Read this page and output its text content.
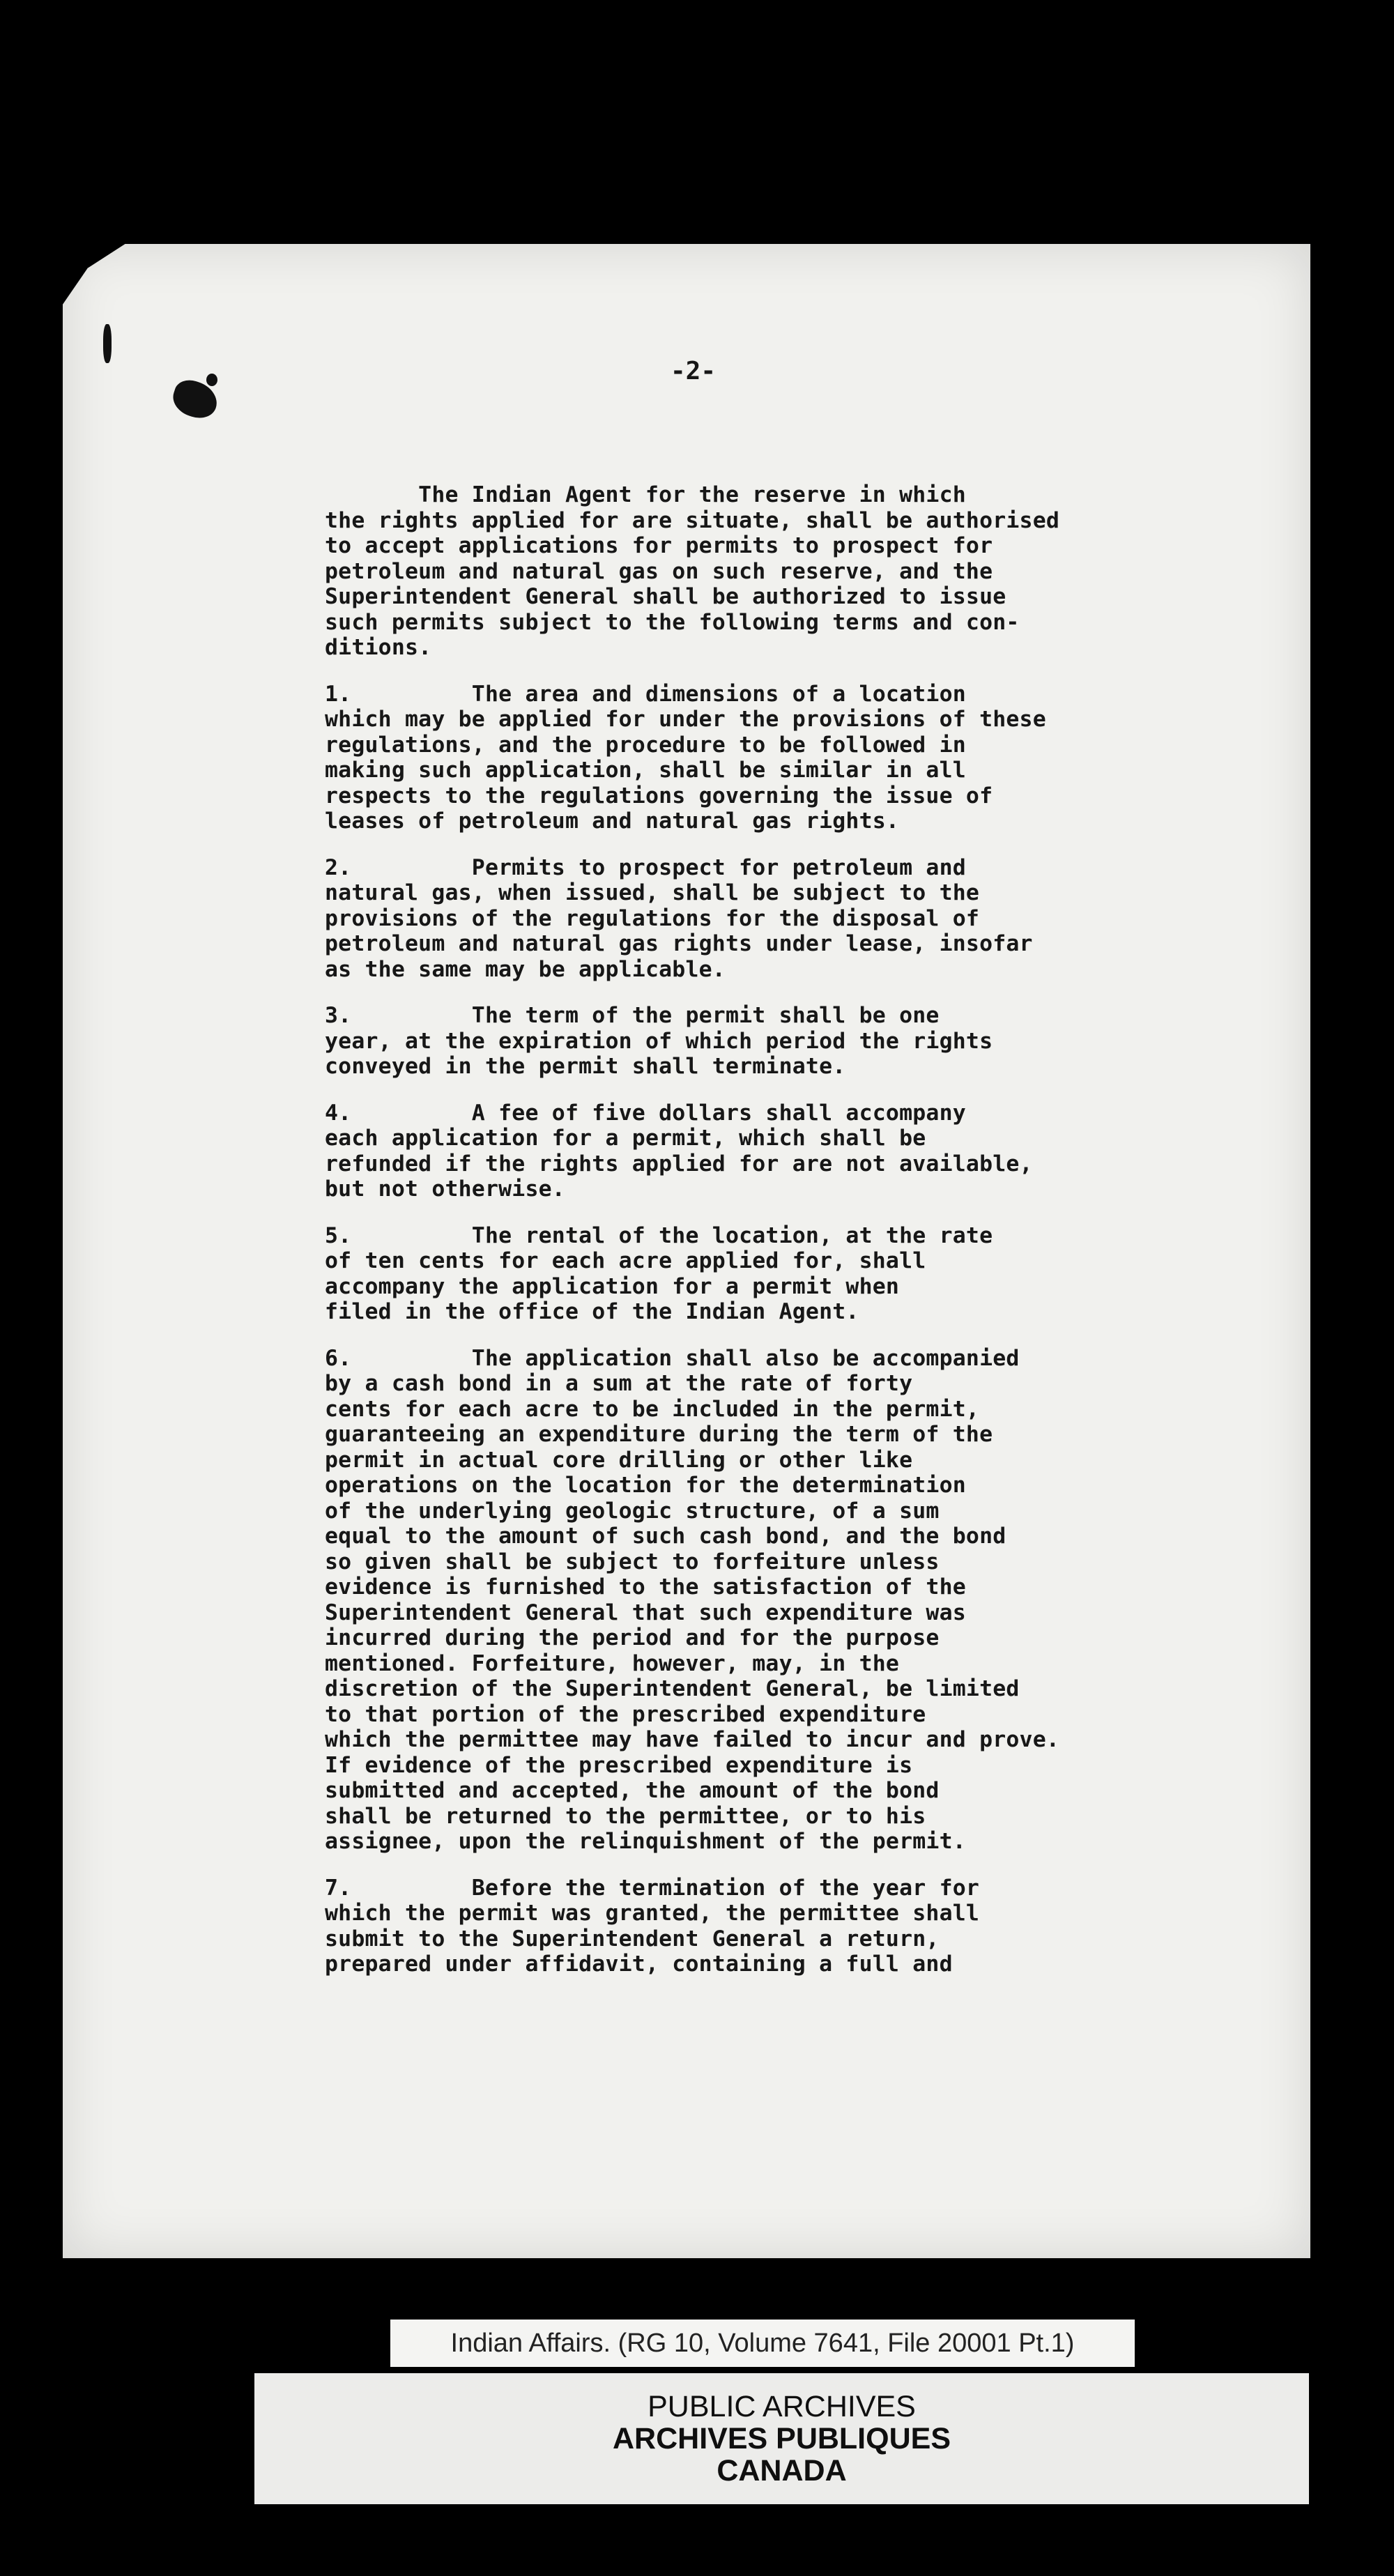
-2-
The Indian Agent for the reserve in which
the rights applied for are situate, shall be authorised
to accept applications for permits to prospect for
petroleum and natural gas on such reserve, and the
Superintendent General shall be authorized to issue
such permits subject to the following terms and con-
ditions.
1.         The area and dimensions of a location
which may be applied for under the provisions of these
regulations, and the procedure to be followed in
making such application, shall be similar in all
respects to the regulations governing the issue of
leases of petroleum and natural gas rights.
2.         Permits to prospect for petroleum and
natural gas, when issued, shall be subject to the
provisions of the regulations for the disposal of
petroleum and natural gas rights under lease, insofar
as the same may be applicable.
3.         The term of the permit shall be one
year, at the expiration of which period the rights
conveyed in the permit shall terminate.
4.         A fee of five dollars shall accompany
each application for a permit, which shall be
refunded if the rights applied for are not available,
but not otherwise.
5.         The rental of the location, at the rate
of ten cents for each acre applied for, shall
accompany the application for a permit when
filed in the office of the Indian Agent.
6.         The application shall also be accompanied
by a cash bond in a sum at the rate of forty
cents for each acre to be included in the permit,
guaranteeing an expenditure during the term of the
permit in actual core drilling or other like
operations on the location for the determination
of the underlying geologic structure, of a sum
equal to the amount of such cash bond, and the bond
so given shall be subject to forfeiture unless
evidence is furnished to the satisfaction of the
Superintendent General that such expenditure was
incurred during the period and for the purpose
mentioned. Forfeiture, however, may, in the
discretion of the Superintendent General, be limited
to that portion of the prescribed expenditure
which the permittee may have failed to incur and prove.
If evidence of the prescribed expenditure is
submitted and accepted, the amount of the bond
shall be returned to the permittee, or to his
assignee, upon the relinquishment of the permit.
7.         Before the termination of the year for
which the permit was granted, the permittee shall
submit to the Superintendent General a return,
prepared under affidavit, containing a full and
Indian Affairs. (RG 10, Volume 7641, File 20001 Pt.1)
PUBLIC ARCHIVES
ARCHIVES PUBLIQUES
CANADA
